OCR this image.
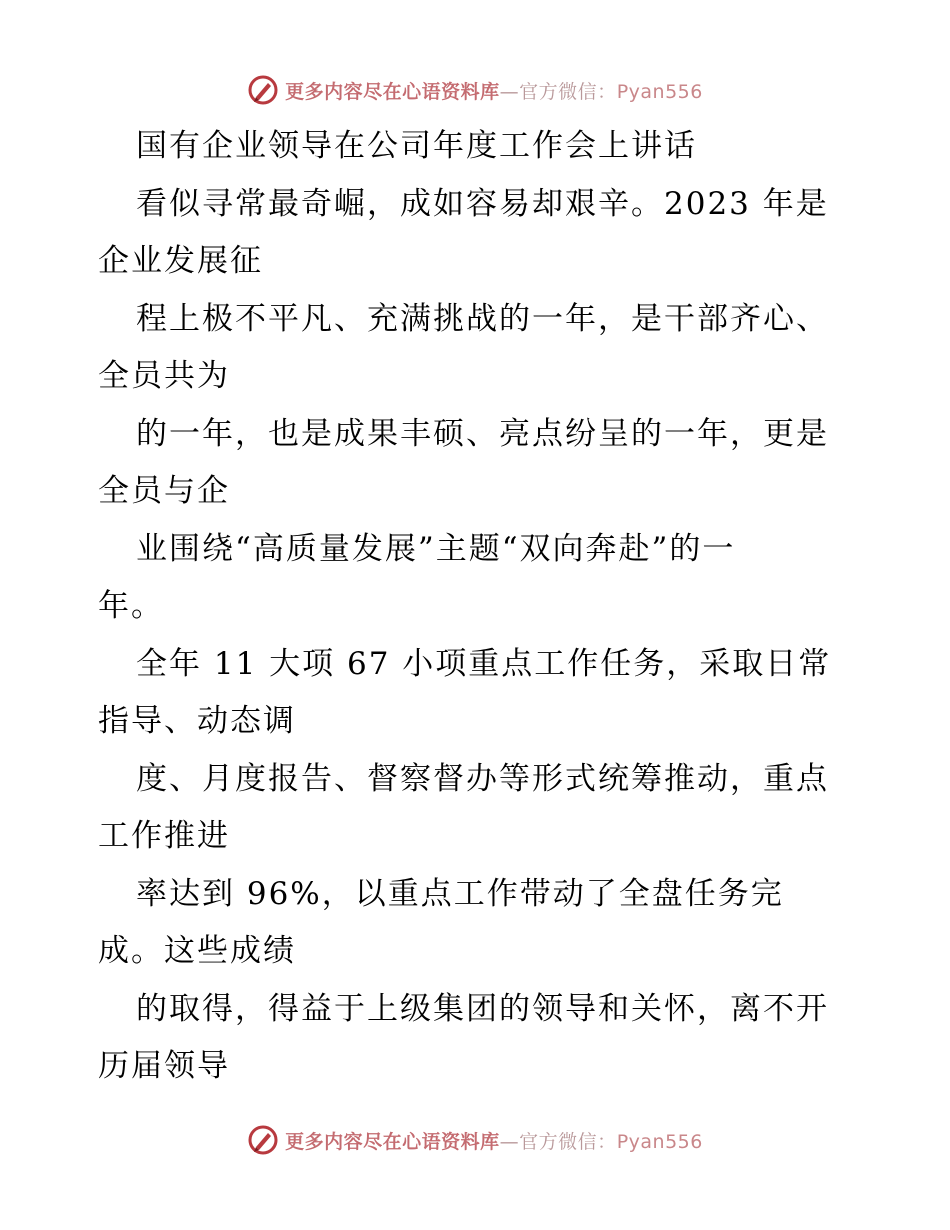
更多内容尽在心语资料库—官方微信：Pyan556
国有企业领导在公司年度工作会上讲话
看似寻常最奇崛，成如容易却艰辛。2023 年是
企业发展征
程上极不平凡、充满挑战的一年，是干部齐心、
全员共为
的一年，也是成果丰硕、亮点纷呈的一年，更是
全员与企
业围绕“高质量发展”主题“双向奔赴”的一
年。
全年 11 大项 67 小项重点工作任务，采取日常
指导、动态调
度、月度报告、督察督办等形式统筹推动，重点
工作推进
率达到 96%，以重点工作带动了全盘任务完
成。这些成绩
的取得，得益于上级集团的领导和关怀，离不开
历届领导
更多内容尽在心语资料库—官方微信：Pyan556
